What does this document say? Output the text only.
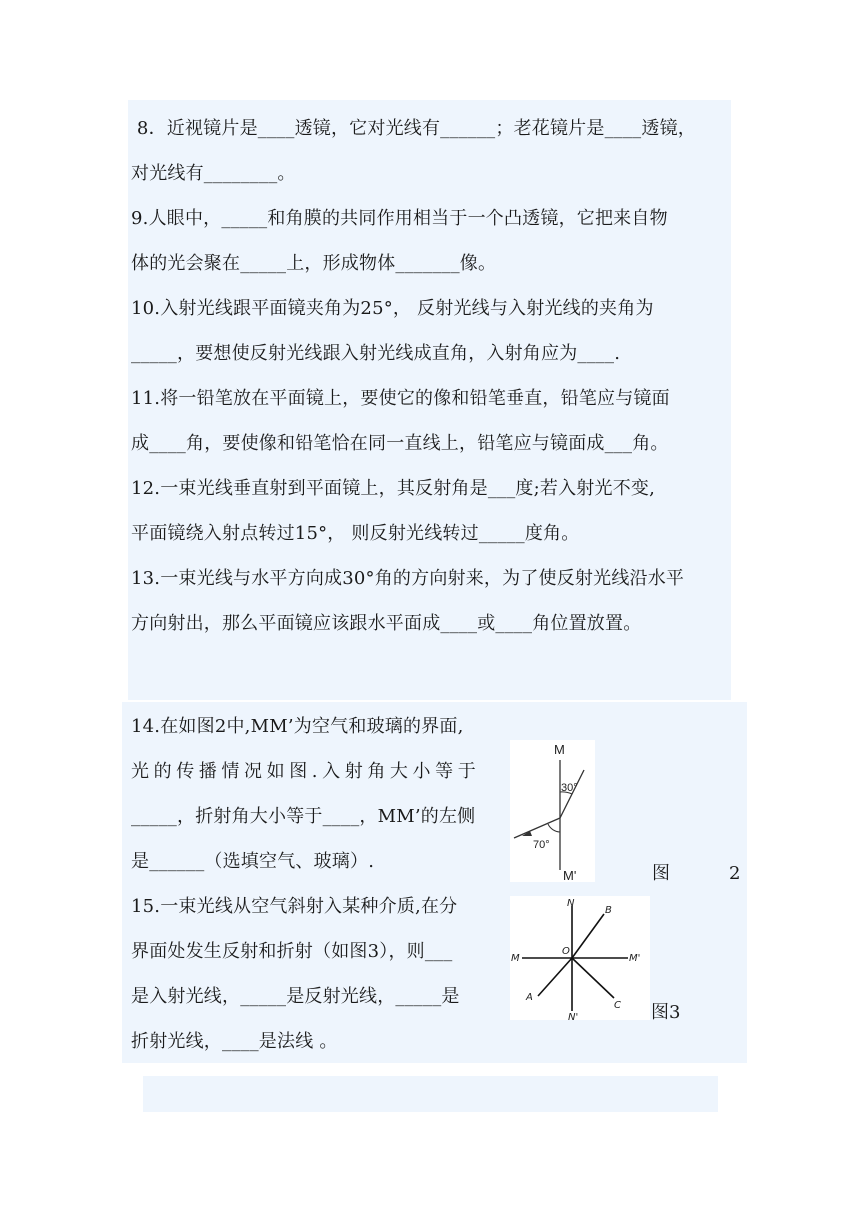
8．近视镜片是____透镜，它对光线有______；老花镜片是____透镜，
对光线有________。
9.人眼中，_____和角膜的共同作用相当于一个凸透镜，它把来自物
体的光会聚在_____上，形成物体_______像。
10.入射光线跟平面镜夹角为25°， 反射光线与入射光线的夹角为
_____，要想使反射光线跟入射光线成直角，入射角应为____.
11.将一铅笔放在平面镜上，要使它的像和铅笔垂直，铅笔应与镜面
成____角，要使像和铅笔恰在同一直线上，铅笔应与镜面成___角。
12.一束光线垂直射到平面镜上，其反射角是___度;若入射光不变,
平面镜绕入射点转过15°， 则反射光线转过_____度角。
13.一束光线与水平方向成30°角的方向射来，为了使反射光线沿水平
方向射出，那么平面镜应该跟水平面成____或____角位置放置。
14.在如图2中,MM’为空气和玻璃的界面,
光的传播情况如图.入射角大小等于
_____，折射角大小等于____，MM’的左侧
是______（选填空气、玻璃）.
M
M'
30°
70°
图	2
15.一束光线从空气斜射入某种介质,在分
界面处发生反射和折射（如图3），则___
是入射光线，_____是反射光线，_____是
折射光线，____是法线 。
N
B
O
M	M'
A
N'
C 图3
